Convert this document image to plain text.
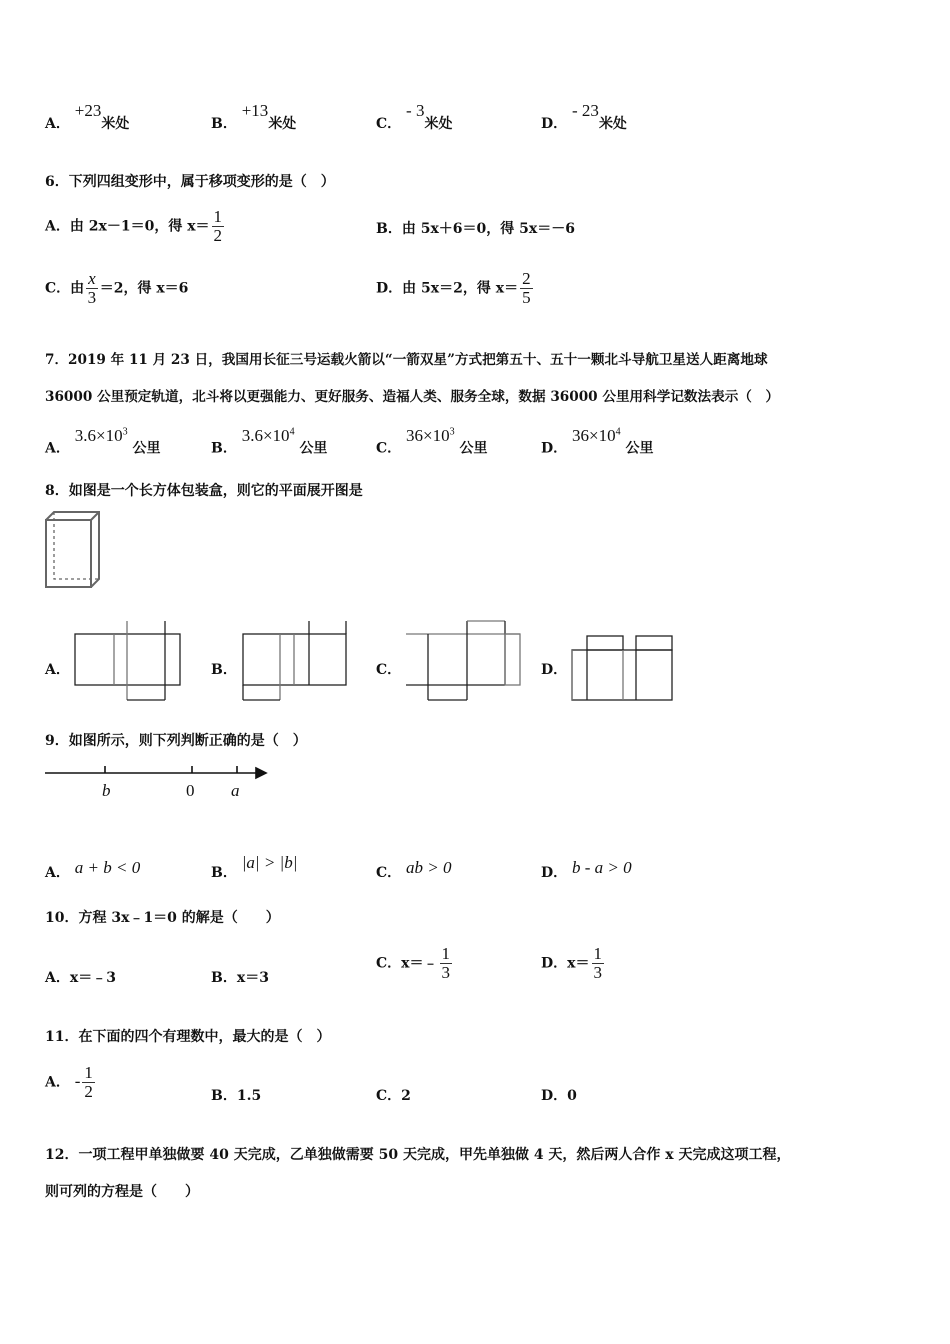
A． +23米处	B． +13米处	C． - 3米处	D． - 23米处
6．下列四组变形中，属于移项变形的是（　）
A．由 2x－1＝0，得 $x= \frac{1}{2}$	B．由 5x＋6＝0，得 5x＝－6
C．由 $\frac{x}{3} =2$，得 x＝6	D．由 5x＝2，得 $x= \frac{2}{5}$
7．2019 年 11 月 23 日，我国用长征三号运载火箭以“一箭双星”方式把第五十、五十一颗北斗导航卫星送人距离地球
36000 公里预定轨道，北斗将以更强能力、更好服务、造福人类、服务全球，数据 36000 公里用科学记数法表示（　）
A． $3.6\times 10^3$ 公里	B． $3.6\times 10^4$ 公里	C． $36\times 10^3$ 公里	D． $36\times 10^4$ 公里
8．如图是一个长方体包装盒，则它的平面展开图是
A．	B．	C．	D．
9．如图所示，则下列判断正确的是（　）
b	0 a
A． a + b < 0	B． |a| > |b|
C． ab > 0	D． b - a > 0
10．方程 3x﹣1＝0 的解是（　　）
A．x＝﹣3	B．x＝3
C．x＝﹣ $\frac{1}{3}$	D．$x= \frac{1}{3}$
11．在下面的四个有理数中，最大的是（　）
A． - $\frac{1}{2}$	B．1.5	C．2	D．0
12．一项工程甲单独做要 40 天完成，乙单独做需要 50 天完成，甲先单独做 4 天，然后两人合作 x 天完成这项工程，
则可列的方程是（　　）
